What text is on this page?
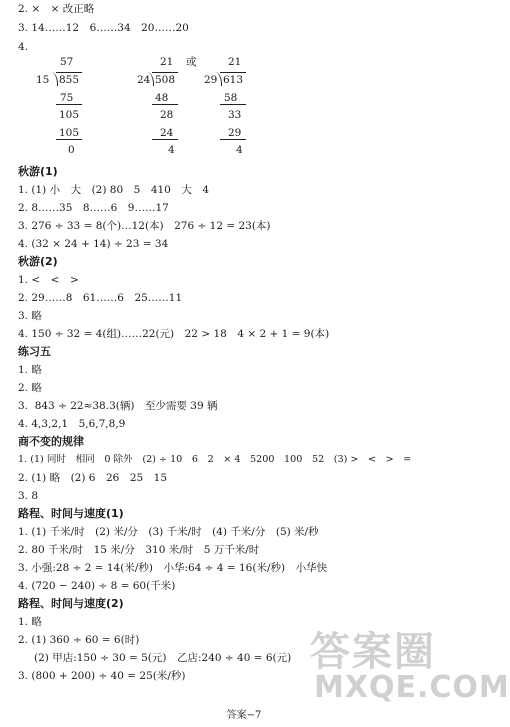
2. ×　× 改正略
3. 14……12　6……34　20……20
4.
57
15 855
75
105
105
0
21 或
24 508
48
28
24
4
21
29 613
58
33
29
4
秋游(1)
1. (1) 小　大　(2) 80　5　410　大　4
2. 8……35　8……6　9……17
3. 276 ÷ 33 = 8(个)…12(本)　276 ÷ 12 = 23(本)
4. (32 × 24 + 14) ÷ 23 = 34
秋游(2)
1. <　<　>
2. 29……8　61……6　25……11
3. 略
4. 150 ÷ 32 = 4(组)……22(元)　22 > 18　4 × 2 + 1 = 9(本)
练习五
1. 略
2. 略
3.  843 ÷ 22≈38.3(辆)　至少需要 39 辆
4. 4,3,2,1　5,6,7,8,9
商不变的规律
1. (1) 同时　相同　0 除外　(2) ÷ 10　6　2　× 4　5200　100　52　(3) >　<　>　=
2. (1) 略　(2) 6　26　25　15
3. 8
路程、时间与速度(1)
1. (1) 千米/时　(2) 米/分　(3) 千米/时　(4) 千米/分　(5) 米/秒
2. 80 千米/时　15 米/分　310 米/时　5 万千米/时
3. 小强:28 ÷ 2 = 14(米/秒)　小华:64 ÷ 4 = 16(米/秒)　小华快
4. (720 − 240) ÷ 8 = 60(千米)
路程、时间与速度(2)
1. 略
2. (1) 360 ÷ 60 = 6(时)
(2) 甲店:150 ÷ 30 = 5(元)　乙店:240 ÷ 40 = 6(元)
3. (800 + 200) ÷ 40 = 25(米/秒)
答案圈
MXQE.COM
答案−7
